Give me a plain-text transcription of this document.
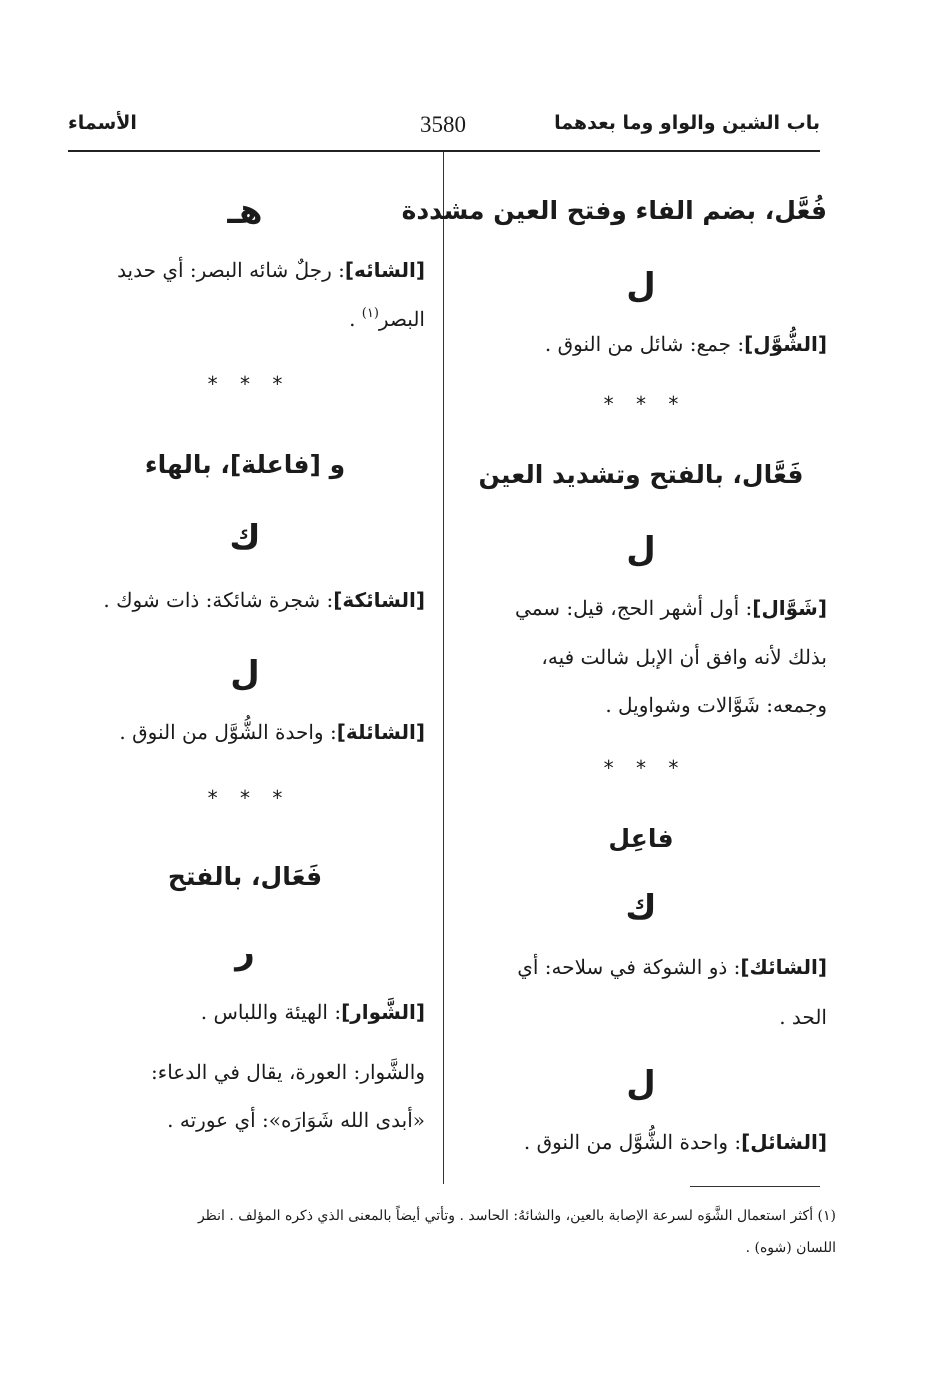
باب الشين والواو وما بعدهما
3580
الأسماء
فُعَّل، بضم الفاء وفتح العين مشددة
ل
[الشُّوَّل]: جمع: شائل من النوق .
* * *
فَعَّال، بالفتح وتشديد العين
ل
[شَوَّال]: أول أشهر الحج، قيل: سمي
بذلك لأنه وافق أن الإبل شالت فيه،
وجمعه: شَوَّالات وشواويل .
* * *
فاعِل
ك
[الشائك]: ذو الشوكة في سلاحه: أي
الحد .
ل
[الشائل]: واحدة الشُّوَّل من النوق .
هـ
[الشائه]: رجلٌ شائه البصر: أي حديد
البصر$^{(١)}$ .
* * *
و [فاعلة]، بالهاء
ك
[الشائكة]: شجرة شائكة: ذات شوك .
ل
[الشائلة]: واحدة الشُّوَّل من النوق .
* * *
فَعَال، بالفتح
ر
[الشَّوار]: الهيئة واللباس .
والشَّوار: العورة، يقال في الدعاء:
«أبدى الله شَوَارَه»: أي عورته .
(١) أكثر استعمال الشَّوَه لسرعة الإصابة بالعين، والشائهُ: الحاسد . وتأتي أيضاً بالمعنى الذي ذكره المؤلف . انظر
اللسان (شوه) .
